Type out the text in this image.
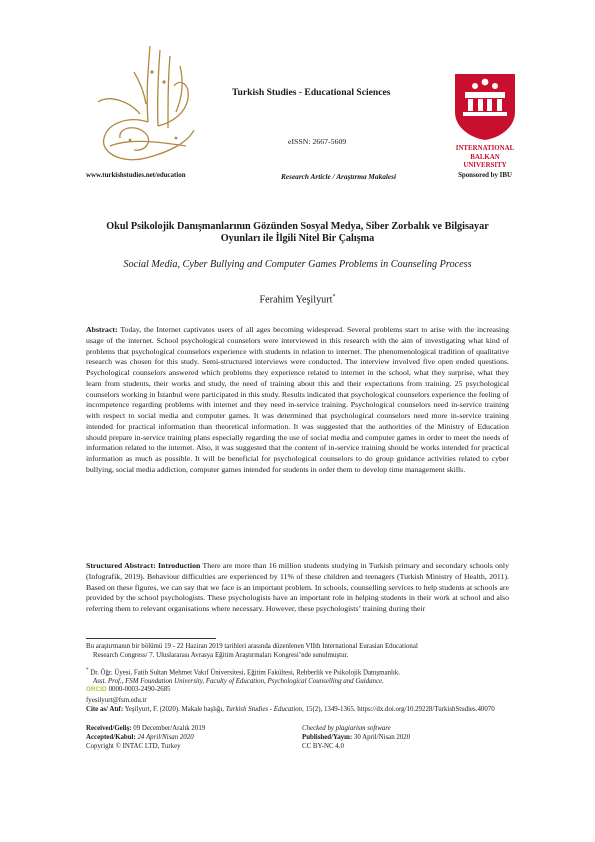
Turkish Studies - Educational Sciences
eISSN: 2667-5609
www.turkishstudies.net/education	Research Article / Araştırma Makalesi
INTERNATIONAL
BALKAN
UNIVERSITY
Sponsored by IBU
Okul Psikolojik Danışmanlarının Gözünden Sosyal Medya, Siber Zorbalık ve Bilgisayar
Oyunları ile İlgili Nitel Bir Çalışma
Social Media, Cyber Bullying and Computer Games Problems in Counseling Process
Ferahim Yeşilyurt*
Abstract: Today, the Internet captivates users of all ages becoming widespread. Several problems start to arise with the increasing usage of the internet. School psychological counselors were interviewed in this research with the aim of investigating what kind of problems that psychological counselors experience with students in relation to internet. The phenomenological tradition of qualitative research was chosen for this study. Semi-structured interviews were conducted. The interview involved five open ended questions. Psychological counselors answered which problems they experience related to internet in the school, what they surprise, what they learn from students, their works and study, the need of training about this and their expectations from training. 25 psychological counselors working in İstanbul were participated in this study. Results indicated that psychological counselors experience the feeling of incompetence regarding problems with internet and they need in-service training. Psychological counselors need in-service training with respect to social media and computer games. It was determined that psychological counselors need more in-service training intended for practical information than theoretical information. It was suggested that the authorities of the Ministry of Education should prepare in-service training plans especially regarding the use of social media and computer games in order to meet the needs of information related to the internet. Also, it was suggested that the content of in-service training should be works intended for practical information as much as possible. It will be beneficial for psychological counselors to do group guidance activities related to cyber bullying, social media addiction, computer games intended for students in order them to develop time management skills.
Structured Abstract: Introduction There are more than 16 million students studying in Turkish primary and secondary schools only (Infografik, 2019). Behaviour difficulties are experienced by 11% of these children and teenagers (Turkish Ministry of Health, 2011). Based on these figures, we can say that we face is an important problem. In schools, counselling services to help students at schools are provided by the school psychologists. These psychologists have an important role in helping students in their work at school and also referring them to relevant organisations where necessary. However, these psychologists’ training during their
Bu araştırmanın bir bölümü 19 - 22 Haziran 2019 tarihleri arasında düzenlenen VIIth International Eurasian Educational
Research Congress/ 7. Uluslararası Avrasya Eğitim Araştırmaları Kongresi’nde sunulmuştur.
* Dr. Öğr. Üyesi, Fatih Sultan Mehmet Vakıf Üniversitesi, Eğitim Fakültesi, Rehberlik ve Psikolojik Danışmanlık.
Asst. Prof., FSM Foundation University, Faculty of Education, Psychological Counselling and Guidance.
ORCID 0000-0003-2490-2685
fyesilyurt@fsm.edu.tr
Cite as/ Atıf: Yeşilyurt, F. (2020). Makale başlığı, Turkish Studies - Education, 15(2), 1349-1365. https://dx.doi.org/10.29228/TurkishStudies.40070
Received/Geliş: 09 December/Aralık 2019	Checked by plagiarism software
Accepted/Kabul: 24 April/Nisan 2020	Published/Yayın: 30 April/Nisan 2020
Copyright © INTAC LTD, Turkey	CC BY-NC 4.0
